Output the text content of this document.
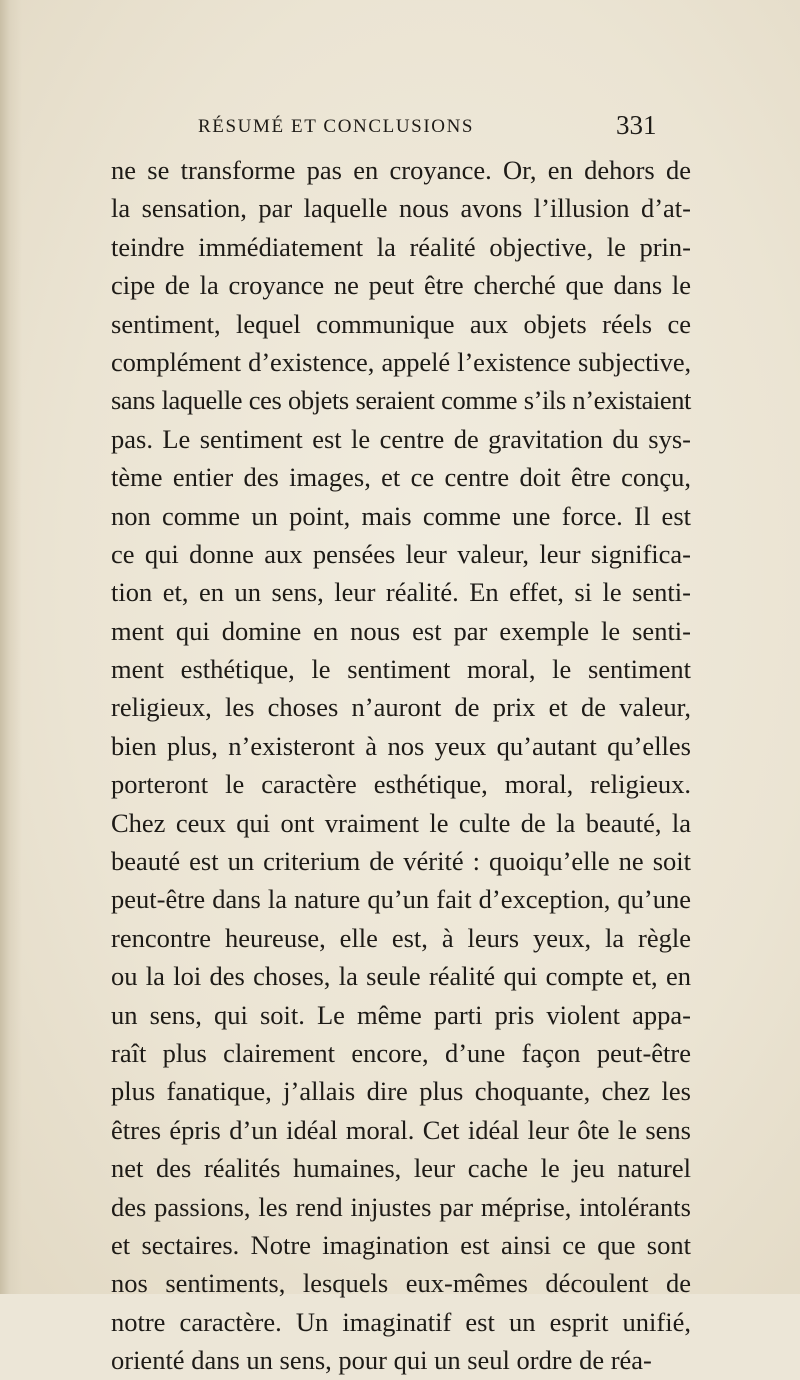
RÉSUMÉ ET CONCLUSIONS	331
ne se transforme pas en croyance. Or, en dehors de
la sensation, par laquelle nous avons l’illusion d’at-
teindre immédiatement la réalité objective, le prin-
cipe de la croyance ne peut être cherché que dans le
sentiment, lequel communique aux objets réels ce
complément d’existence, appelé l’existence subjective,
sans laquelle ces objets seraient comme s’ils n’existaient
pas. Le sentiment est le centre de gravitation du sys-
tème entier des images, et ce centre doit être conçu,
non comme un point, mais comme une force. Il est
ce qui donne aux pensées leur valeur, leur significa-
tion et, en un sens, leur réalité. En effet, si le senti-
ment qui domine en nous est par exemple le senti-
ment esthétique, le sentiment moral, le sentiment
religieux, les choses n’auront de prix et de valeur,
bien plus, n’existeront à nos yeux qu’autant qu’elles
porteront le caractère esthétique, moral, religieux.
Chez ceux qui ont vraiment le culte de la beauté, la
beauté est un criterium de vérité : quoiqu’elle ne soit
peut-être dans la nature qu’un fait d’exception, qu’une
rencontre heureuse, elle est, à leurs yeux, la règle
ou la loi des choses, la seule réalité qui compte et, en
un sens, qui soit. Le même parti pris violent appa-
raît plus clairement encore, d’une façon peut-être
plus fanatique, j’allais dire plus choquante, chez les
êtres épris d’un idéal moral. Cet idéal leur ôte le sens
net des réalités humaines, leur cache le jeu naturel
des passions, les rend injustes par méprise, intolérants
et sectaires. Notre imagination est ainsi ce que sont
nos sentiments, lesquels eux-mêmes découlent de
notre caractère. Un imaginatif est un esprit unifié,
orienté dans un sens, pour qui un seul ordre de réa-
